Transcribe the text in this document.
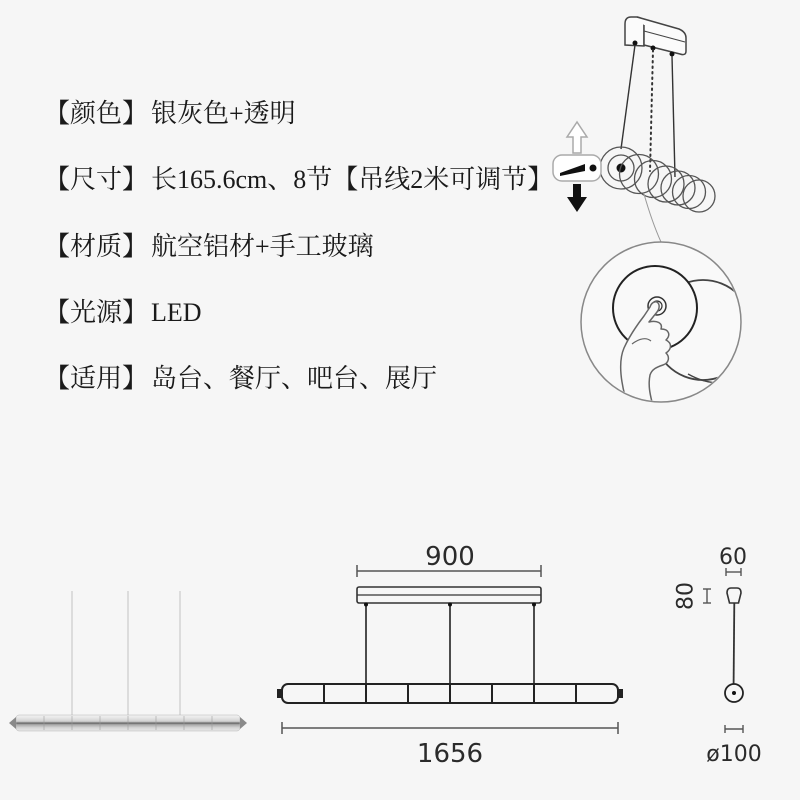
【颜色】 银灰色+透明
【尺寸】 长165.6cm、8节【吊线2米可调节】
【材质】 航空铝材+手工玻璃
【光源】 LED
【适用】 岛台、餐厅、吧台、展厅
900
1656
60
80
ø100
